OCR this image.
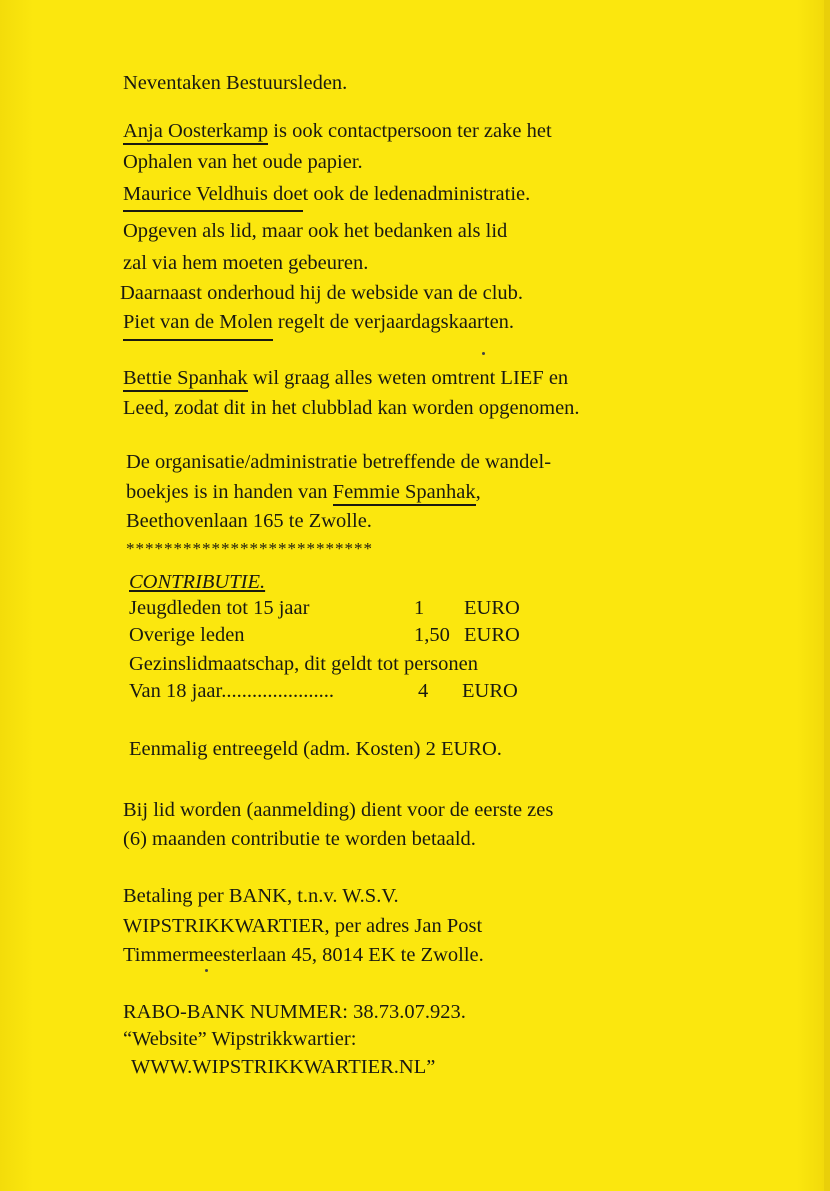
Neventaken Bestuursleden.
Anja Oosterkamp is ook contactpersoon ter zake het
Ophalen van het oude papier.
Maurice Veldhuis doet ook de ledenadministratie.
Opgeven als lid, maar ook het bedanken als lid
zal via hem moeten gebeuren.
Daarnaast onderhoud hij de webside van de club.
Piet van de Molen regelt de verjaardagskaarten.
Bettie Spanhak wil graag alles weten omtrent LIEF en
Leed, zodat dit in het clubblad kan worden opgenomen.
De organisatie/administratie betreffende de wandel-
boekjes is in handen van Femmie Spanhak,
Beethovenlaan 165 te Zwolle.
**************************
CONTRIBUTIE.
Jeugdleden tot 15 jaar	1 EURO
Overige leden	1,50 EURO
Gezinslidmaatschap, dit geldt tot personen
Van 18 jaar......................	4 EURO
Eenmalig entreegeld (adm. Kosten) 2 EURO.
Bij lid worden (aanmelding) dient voor de eerste zes
(6) maanden contributie te worden betaald.
Betaling per BANK, t.n.v. W.S.V.
WIPSTRIKKWARTIER, per adres Jan Post
Timmermeesterlaan 45, 8014 EK te Zwolle.
RABO-BANK NUMMER: 38.73.07.923.
“Website” Wipstrikkwartier:
WWW.WIPSTRIKKWARTIER.NL”
